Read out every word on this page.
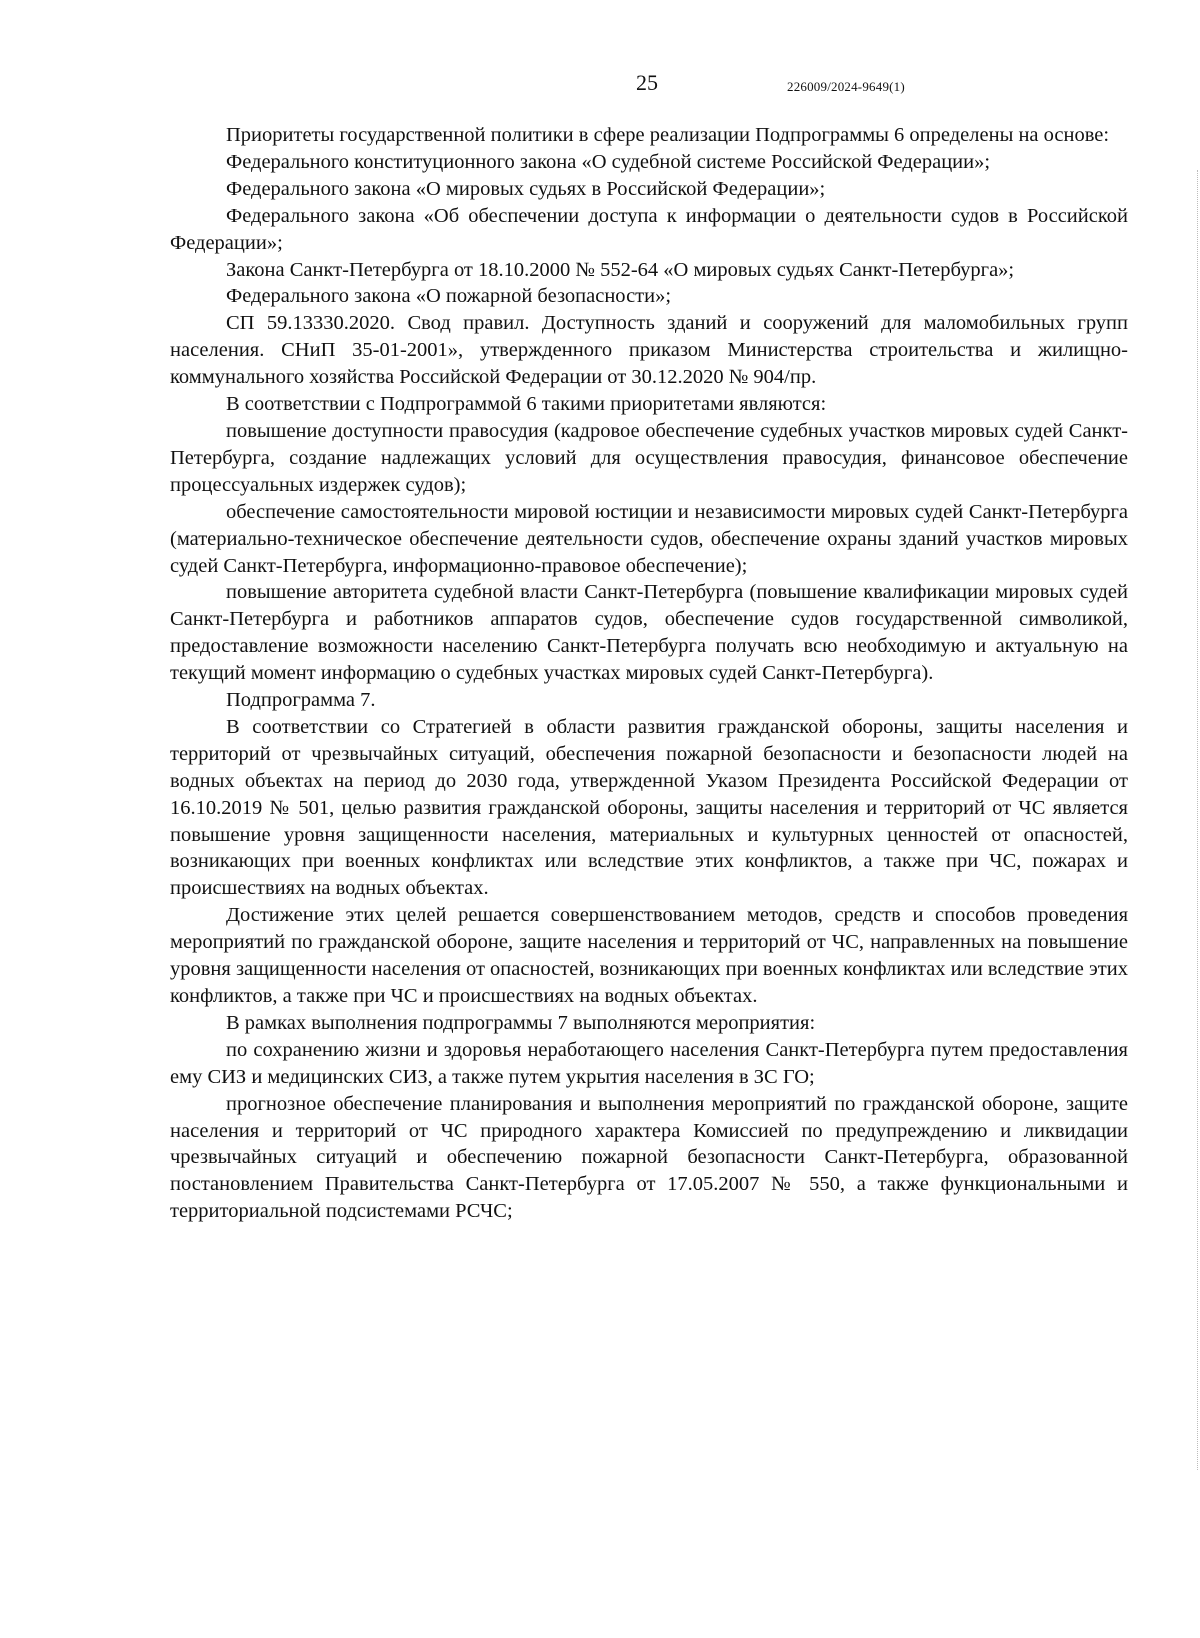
25	226009/2024-9649(1)

Приоритеты государственной политики в сфере реализации Подпрограммы 6 определены на основе:

Федерального конституционного закона «О судебной системе Российской Федерации»;

Федерального закона «О мировых судьях в Российской Федерации»;

Федерального закона «Об обеспечении доступа к информации о деятельности судов в Российской Федерации»;

Закона Санкт-Петербурга от 18.10.2000 № 552-64 «О мировых судьях Санкт-Петербурга»;

Федерального закона «О пожарной безопасности»;

СП 59.13330.2020. Свод правил. Доступность зданий и сооружений для маломобильных групп населения. СНиП 35-01-2001», утвержденного приказом Министерства строительства и жилищно-коммунального хозяйства Российской Федерации от 30.12.2020 № 904/пр.

В соответствии с Подпрограммой 6 такими приоритетами являются:

повышение доступности правосудия (кадровое обеспечение судебных участков мировых судей Санкт-Петербурга, создание надлежащих условий для осуществления правосудия, финансовое обеспечение процессуальных издержек судов);

обеспечение самостоятельности мировой юстиции и независимости мировых судей Санкт-Петербурга (материально-техническое обеспечение деятельности судов, обеспечение охраны зданий участков мировых судей Санкт-Петербурга, информационно-правовое обеспечение);

повышение авторитета судебной власти Санкт-Петербурга (повышение квалификации мировых судей Санкт-Петербурга и работников аппаратов судов, обеспечение судов государственной символикой, предоставление возможности населению Санкт-Петербурга получать всю необходимую и актуальную на текущий момент информацию о судебных участках мировых судей Санкт-Петербурга).

Подпрограмма 7.

В соответствии со Стратегией в области развития гражданской обороны, защиты населения и территорий от чрезвычайных ситуаций, обеспечения пожарной безопасности и безопасности людей на водных объектах на период до 2030 года, утвержденной Указом Президента Российской Федерации от 16.10.2019 № 501, целью развития гражданской обороны, защиты населения и территорий от ЧС является повышение уровня защищенности населения, материальных и культурных ценностей от опасностей, возникающих при военных конфликтах или вследствие этих конфликтов, а также при ЧС, пожарах и происшествиях на водных объектах.

Достижение этих целей решается совершенствованием методов, средств и способов проведения мероприятий по гражданской обороне, защите населения и территорий от ЧС, направленных на повышение уровня защищенности населения от опасностей, возникающих при военных конфликтах или вследствие этих конфликтов, а также при ЧС и происшествиях на водных объектах.

В рамках выполнения подпрограммы 7 выполняются мероприятия:

по сохранению жизни и здоровья неработающего населения Санкт-Петербурга путем предоставления ему СИЗ и медицинских СИЗ, а также путем укрытия населения в ЗС ГО;

прогнозное обеспечение планирования и выполнения мероприятий по гражданской обороне, защите населения и территорий от ЧС природного характера Комиссией по предупреждению и ликвидации чрезвычайных ситуаций и обеспечению пожарной безопасности Санкт-Петербурга, образованной постановлением Правительства Санкт-Петербурга от 17.05.2007 № 550, а также функциональными и территориальной подсистемами РСЧС;
